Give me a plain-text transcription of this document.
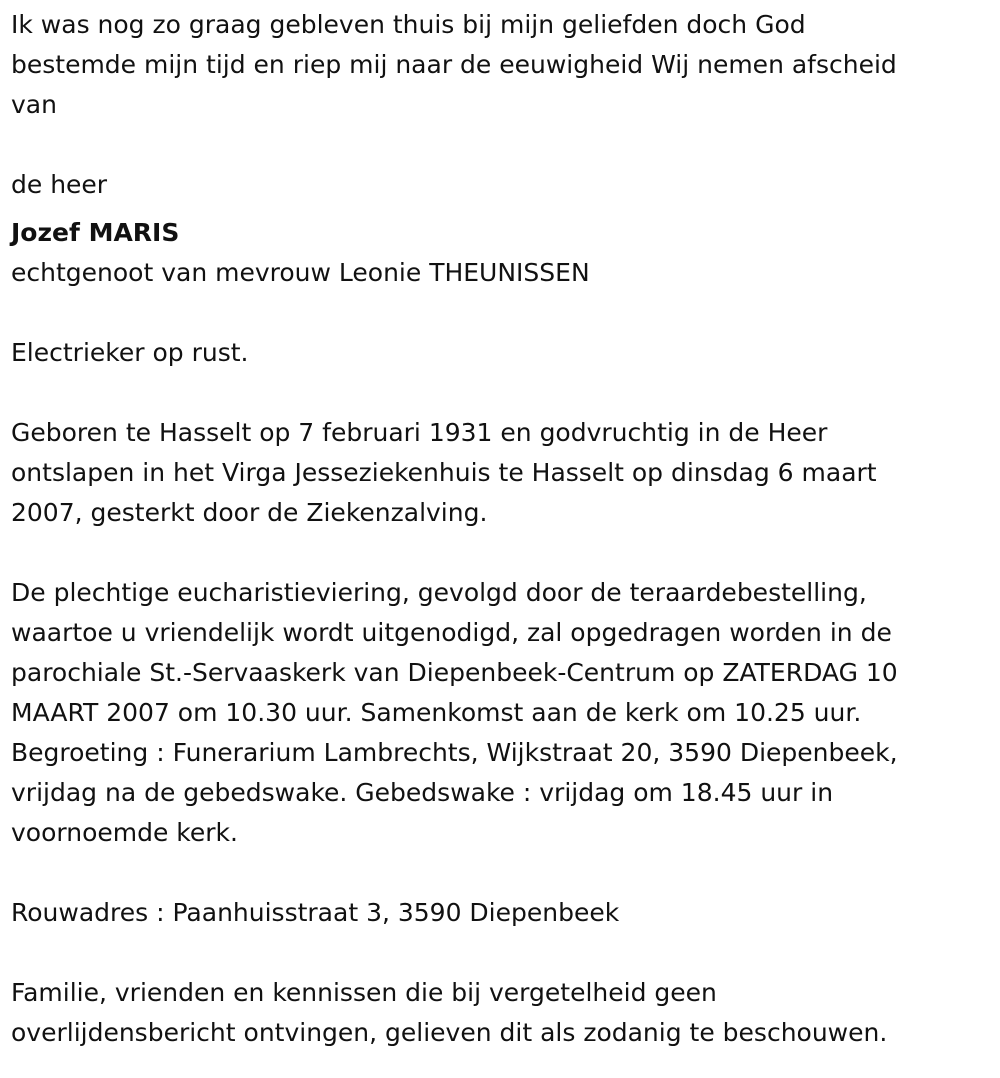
Ik was nog zo graag gebleven thuis bij mijn geliefden doch God
bestemde mijn tijd en riep mij naar de eeuwigheid Wij nemen afscheid
van

de heer

Jozef MARIS

echtgenoot van mevrouw Leonie THEUNISSEN

Electrieker op rust.

Geboren te Hasselt op 7 februari 1931 en godvruchtig in de Heer
ontslapen in het Virga Jesseziekenhuis te Hasselt op dinsdag 6 maart
2007, gesterkt door de Ziekenzalving.

De plechtige eucharistieviering, gevolgd door de teraardebestelling,
waartoe u vriendelijk wordt uitgenodigd, zal opgedragen worden in de
parochiale St.-Servaaskerk van Diepenbeek-Centrum op ZATERDAG 10
MAART 2007 om 10.30 uur. Samenkomst aan de kerk om 10.25 uur.
Begroeting : Funerarium Lambrechts, Wijkstraat 20, 3590 Diepenbeek,
vrijdag na de gebedswake. Gebedswake : vrijdag om 18.45 uur in
voornoemde kerk.

Rouwadres : Paanhuisstraat 3, 3590 Diepenbeek

Familie, vrienden en kennissen die bij vergetelheid geen
overlijdensbericht ontvingen, gelieven dit als zodanig te beschouwen.
